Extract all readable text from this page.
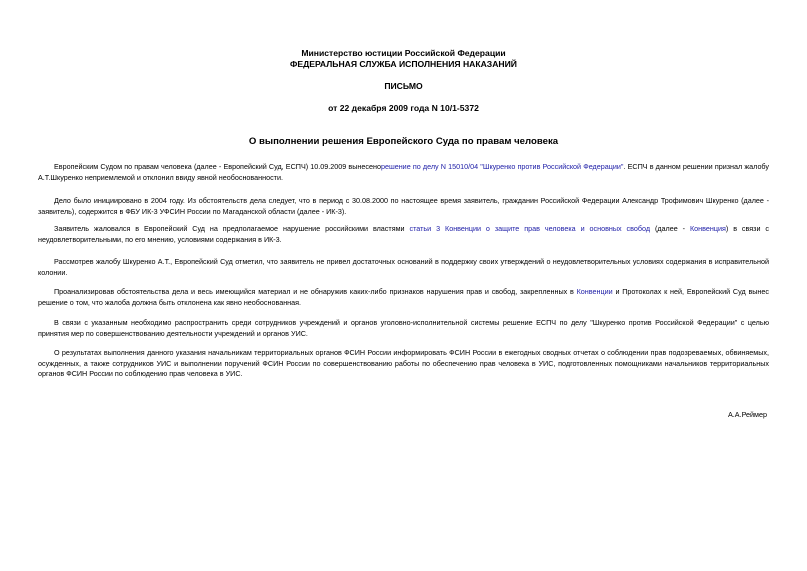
Министерство юстиции Российской Федерации
ФЕДЕРАЛЬНАЯ СЛУЖБА ИСПОЛНЕНИЯ НАКАЗАНИЙ
ПИСЬМО
от 22 декабря 2009 года N 10/1-5372
О выполнении решения Европейского Суда по правам человека
Европейским Судом по правам человека (далее - Европейский Суд, ЕСПЧ) 10.09.2009 вынесенорешение по делу N 15010/04 "Шкуренко против Российской Федерации". ЕСПЧ в данном решении признал жалобу А.Т.Шкуренко неприемлемой и отклонил ввиду явной необоснованности.
Дело было инициировано в 2004 году. Из обстоятельств дела следует, что в период с 30.08.2000 по настоящее время заявитель, гражданин Российской Федерации Александр Трофимович Шкуренко (далее - заявитель), содержится в ФБУ ИК-3 УФСИН России по Магаданской области (далее - ИК-3).
Заявитель жаловался в Европейский Суд на предполагаемое нарушение российскими властями статьи 3 Конвенции о защите прав человека и основных свобод (далее - Конвенция) в связи с неудовлетворительными, по его мнению, условиями содержания в ИК-3.
Рассмотрев жалобу Шкуренко А.Т., Европейский Суд отметил, что заявитель не привел достаточных оснований в поддержку своих утверждений о неудовлетворительных условиях содержания в исправительной колонии.
Проанализировав обстоятельства дела и весь имеющийся материал и не обнаружив каких-либо признаков нарушения прав и свобод, закрепленных в Конвенции и Протоколах к ней, Европейский Суд вынес решение о том, что жалоба должна быть отклонена как явно необоснованная.
В связи с указанным необходимо распространить среди сотрудников учреждений и органов уголовно-исполнительной системы решение ЕСПЧ по делу "Шкуренко против Российской Федерации" с целью принятия мер по совершенствованию деятельности учреждений и органов УИС.
О результатах выполнения данного указания начальникам территориальных органов ФСИН России информировать ФСИН России в ежегодных сводных отчетах о соблюдении прав подозреваемых, обвиняемых, осужденных, а также сотрудников УИС и выполнении поручений ФСИН России по совершенствованию работы по обеспечению прав человека в УИС, подготовленных помощниками начальников территориальных органов ФСИН России по соблюдению прав человека в УИС.
А.А.Реймер
